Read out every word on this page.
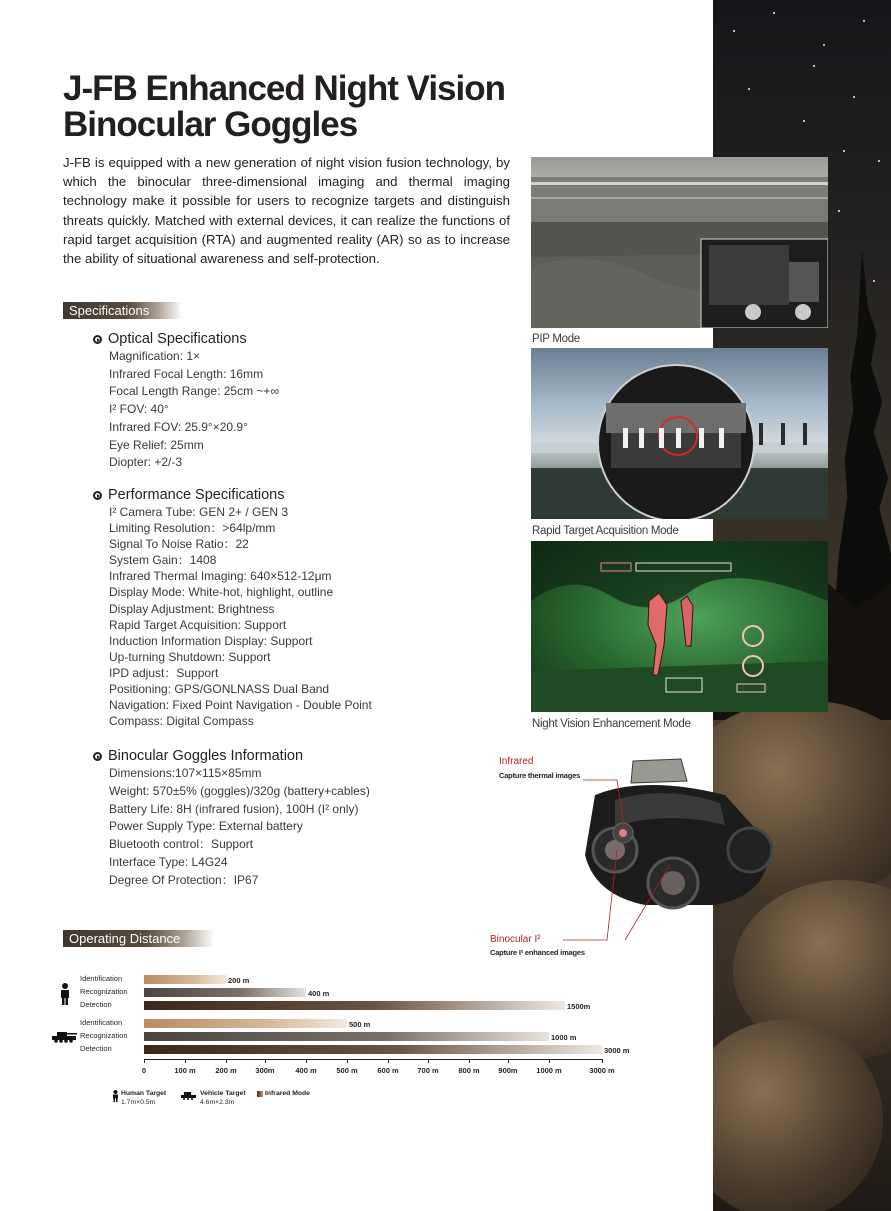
J-FB Enhanced Night Vision
Binocular Goggles
J-FB is equipped with a new generation of night vision fusion technology, by which the binocular three-dimensional imaging and thermal imaging technology make it possible for users to recognize targets and distinguish threats quickly. Matched with external devices, it can realize the functions of rapid target acquisition (RTA) and augmented reality (AR) so as to increase the ability of situational awareness and self-protection.
Specifications
Optical Specifications
Magnification: 1×
Infrared Focal Length: 16mm
Focal Length Range: 25cm ~+∞
I² FOV: 40°
Infrared FOV: 25.9°×20.9°
Eye Relief: 25mm
Diopter: +2/-3
Performance Specifications
I² Camera Tube: GEN 2+ / GEN 3
Limiting Resolution：>64lp/mm
Signal To Noise Ratio：22
System Gain：1408
Infrared Thermal Imaging: 640×512-12μm
Display Mode: White-hot, highlight, outline
Display Adjustment: Brightness
Rapid Target Acquisition: Support
Induction Information Display: Support
Up-turning Shutdown: Support
IPD adjust：Support
Positioning: GPS/GONLNASS Dual Band
Navigation: Fixed Point Navigation - Double Point
Compass: Digital Compass
Binocular Goggles Information
Dimensions:107×115×85mm
Weight: 570±5% (goggles)/320g (battery+cables)
Battery Life: 8H (infrared fusion), 100H (I² only)
Power Supply Type: External battery
Bluetooth control：Support
Interface Type: L4G24
Degree Of Protection：IP67
PIP Mode
Rapid Target Acquisition Mode
Night Vision Enhancement Mode
Infrared
Capture thermal images
Binocular I²
Capture I² enhanced images
Operating Distance
Identification	200 m
Recognization	400 m
Detection	1500m
Identification	500 m
Recognization	1000 m
Detection	3000 m
0	100 m	200 m	300m	400 m	500 m	600 m 700 m	800 m	900m 1000 m	3000 m
Human Target
1.7m×0.5m
Vehicle Target
4.6m×2.3m
Infrared Mode
